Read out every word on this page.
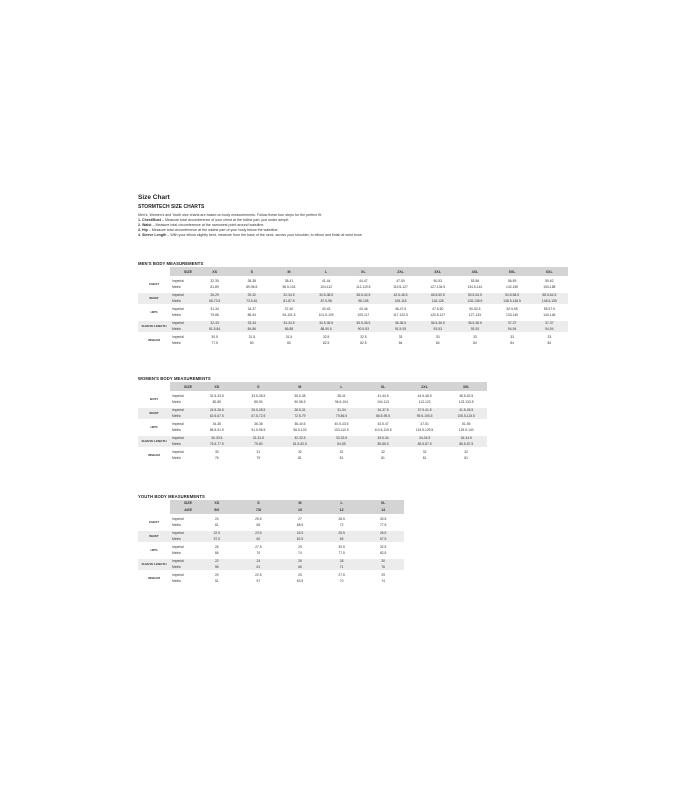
Size Chart

STORMTECH SIZE CHARTS

Men's, Women's and Youth size charts are based on body measurements. Follow these four steps for the perfect fit:

1. Chest/Bust – Measure total circumference of your chest at the fullest part, just under armpit.

2. Waist – Measure total circumference at the narrowest point around waistline.

3. Hip – Measure total circumference at the widest part of your body below the waistline.

4. Sleeve Length – With your elbow slightly bent, measure from the base of the neck, across your shoulder, to elbow and finish at wrist bone.

MEN'S BODY MEASUREMENTS

	SIZE	XS	S	M	L	XL	2XL	3XL	4XL	5XL	6XL

CHEST	Imperial	32-35	35-38	38-41	41-44	44-47	47-50	50-53	53-56	56-59	59-62
	Metric	81-89	89-96.5	96.5-104	104-112	112-119.5	119.5-127	127-134.5	134.5-142	142-150	150-158

WAIST	Imperial	26-29	29-32	32-34.5	34.5-38.5	38.5-42.5	42.5-46.5	46.5-50.5	50.5-54.5	54.5-58.5	58.5-62.5
	Metric	66-73.5	73.5-81	81-87.5	87.5-98	98-108	108-118	118-128	128-138.5	138.5-148.5	148.5-159

HIPS	Imperial	31-34	34-37	37-40	40-43	43-46	46-47.5	47.5-50	50-52.5	52.5-55	55-57.5
	Metric	79-86	86-94	94-101.5	101.5-109	109-117	117-120.5	120.5-127	127-133	133-140	140-146

SLEEVE LENGTH	Imperial	32-33	33-34	34-34.5	34.5-35.5	35.5-36.5	36-36.5	36.5-36.5	36.5-36.5	37-37	37-37
	Metric	81.5-84	84-86	86-88	88-90.5	90.5-93	91.5-93	93-93	93-93	94-94	94-94

INSEAM	Imperial	30.5	31.5	31.5	32.5	32.5	33	33	33	33	33
	Metric	77.5	80	80	82.5	82.5	84	84	84	84	84

WOMEN'S BODY MEASUREMENTS

	SIZE	XS	S	M	L	XL	2XL	3XL

BUST	Imperial	31.5-33.5	33.5-35.5	35.5-38	38-41	41-44.5	44.5-48.5	48.5-52.5
	Metric	80-85	85-90	90-96.5	96.5-104	104-113	113-123	123-133.5

WAIST	Imperial	24.5-26.5	26.5-28.5	28.5-31	31-34	34-37.5	37.5-41.5	41.5-45.5
	Metric	62.5-67.5	67.5-72.5	72.5-79	79-86.5	86.5-95.5	95.5-105.5	105.5-115.5

HIPS	Imperial	34-36	36-38	38-40.5	40.5-43.5	43.5-47	47-51	51-55
	Metric	86.5-91.5	91.5-96.5	96.5-103	103-110.5	110.5-119.5	119.5-129.5	129.5-140

SLEEVE LENGTH	Imperial	30-30.5	31-31.5	32-32.5	33-33.5	33.5-34	34-34.5	34-34.5
	Metric	76.5-77.5	79-80	81.5-82.5	84-85	85-86.5	86.5-87.5	86.5-87.5

INSEAM	Imperial	30	31	32	32	32	32	32
	Metric	76	79	81	81	81	81	81

YOUTH BODY MEASUREMENTS

	SIZE	XS	S	M	L	XL
	AGE	5/6	7/8	10	12	14

CHEST	Imperial	24	25.5	27	28.5	30.5
	Metric	61	65	68.5	72	77.5

WAIST	Imperial	22.5	23.5	24.5	25.5	26.5
	Metric	57.5	60	62.5	65	67.5

HIPS	Imperial	26	27.5	29	30.5	32.5
	Metric	66	70	74	77.5	82.5

SLEEVE LENGTH	Imperial	22	24	26	28	30
	Metric	56	61	66	71	76

INSEAM	Imperial	20	22.5	25	27.5	29
	Metric	51	57	63.5	70	74
